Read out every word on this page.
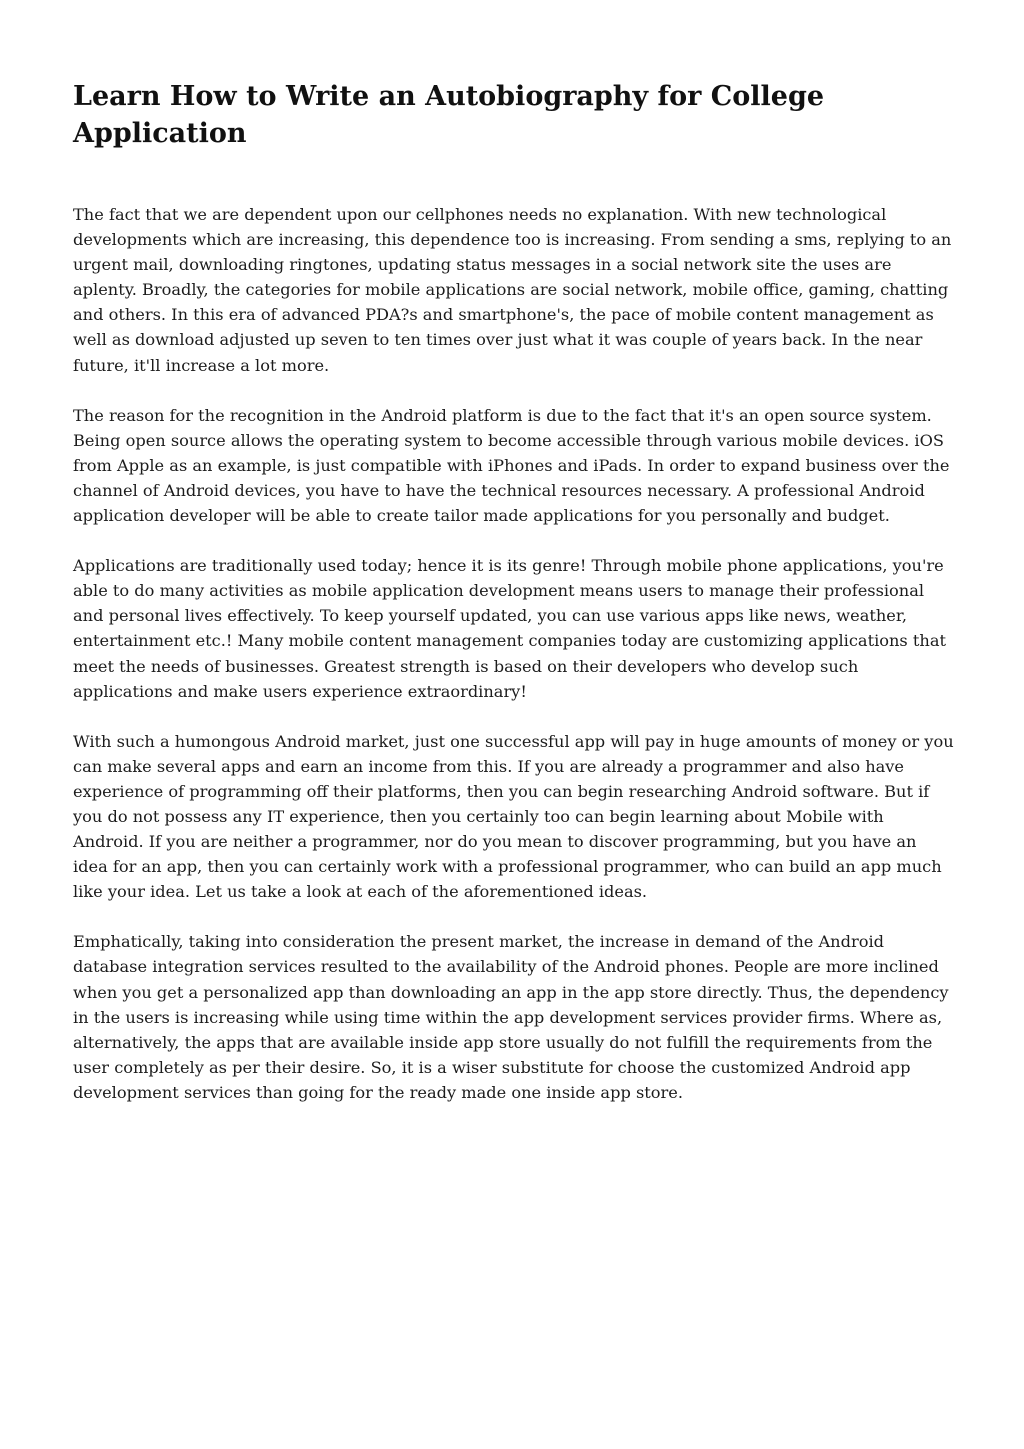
Learn How to Write an Autobiography for College Application

The fact that we are dependent upon our cellphones needs no explanation. With new technological developments which are increasing, this dependence too is increasing. From sending a sms, replying to an urgent mail, downloading ringtones, updating status messages in a social network site the uses are aplenty. Broadly, the categories for mobile applications are social network, mobile office, gaming, chatting and others. In this era of advanced PDA?s and smartphone's, the pace of mobile content management as well as download adjusted up seven to ten times over just what it was couple of years back. In the near future, it'll increase a lot more.

The reason for the recognition in the Android platform is due to the fact that it's an open source system. Being open source allows the operating system to become accessible through various mobile devices. iOS from Apple as an example, is just compatible with iPhones and iPads. In order to expand business over the channel of Android devices, you have to have the technical resources necessary. A professional Android application developer will be able to create tailor made applications for you personally and budget.

Applications are traditionally used today; hence it is its genre! Through mobile phone applications, you're able to do many activities as mobile application development means users to manage their professional and personal lives effectively. To keep yourself updated, you can use various apps like news, weather, entertainment etc.! Many mobile content management companies today are customizing applications that meet the needs of businesses. Greatest strength is based on their developers who develop such applications and make users experience extraordinary!

With such a humongous Android market, just one successful app will pay in huge amounts of money or you can make several apps and earn an income from this. If you are already a programmer and also have experience of programming off their platforms, then you can begin researching Android software. But if you do not possess any IT experience, then you certainly too can begin learning about Mobile with Android. If you are neither a programmer, nor do you mean to discover programming, but you have an idea for an app, then you can certainly work with a professional programmer, who can build an app much like your idea. Let us take a look at each of the aforementioned ideas.

Emphatically, taking into consideration the present market, the increase in demand of the Android database integration services resulted to the availability of the Android phones. People are more inclined when you get a personalized app than downloading an app in the app store directly. Thus, the dependency in the users is increasing while using time within the app development services provider firms. Where as, alternatively, the apps that are available inside app store usually do not fulfill the requirements from the user completely as per their desire. So, it is a wiser substitute for choose the customized Android app development services than going for the ready made one inside app store.
